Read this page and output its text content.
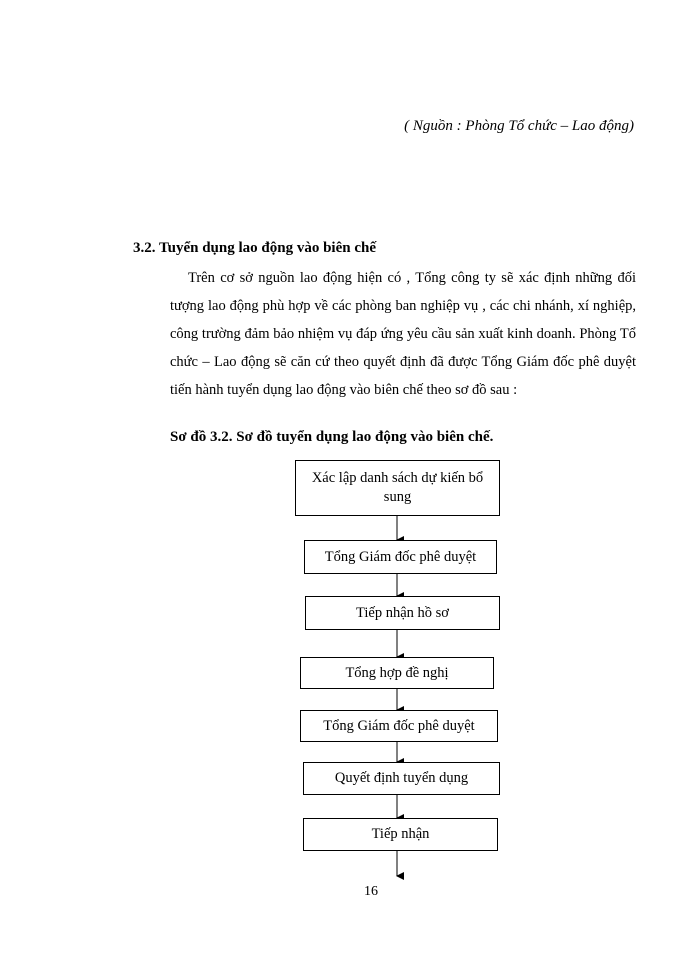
( Nguồn : Phòng Tổ chức – Lao động)
3.2. Tuyển dụng lao động vào biên chế

Trên cơ sở nguồn lao động hiện có , Tổng công ty sẽ xác định những đối tượng lao động phù hợp về các phòng ban nghiệp vụ , các chi nhánh, xí nghiệp, công trường đảm bảo nhiệm vụ đáp ứng yêu cầu sản xuất kinh doanh. Phòng Tổ chức – Lao động sẽ căn cứ theo quyết định đã được Tổng Giám đốc phê duyệt tiến hành tuyển dụng lao động vào biên chế theo sơ đồ sau :

Sơ đồ 3.2. Sơ đồ tuyển dụng lao động vào biên chế.
Xác lập danh sách dự kiến bổ sung
Tổng Giám đốc phê duyệt
Tiếp nhận hồ sơ
Tổng hợp đề nghị
Tổng Giám đốc phê duyệt
Quyết định tuyển dụng
Tiếp nhận
16
